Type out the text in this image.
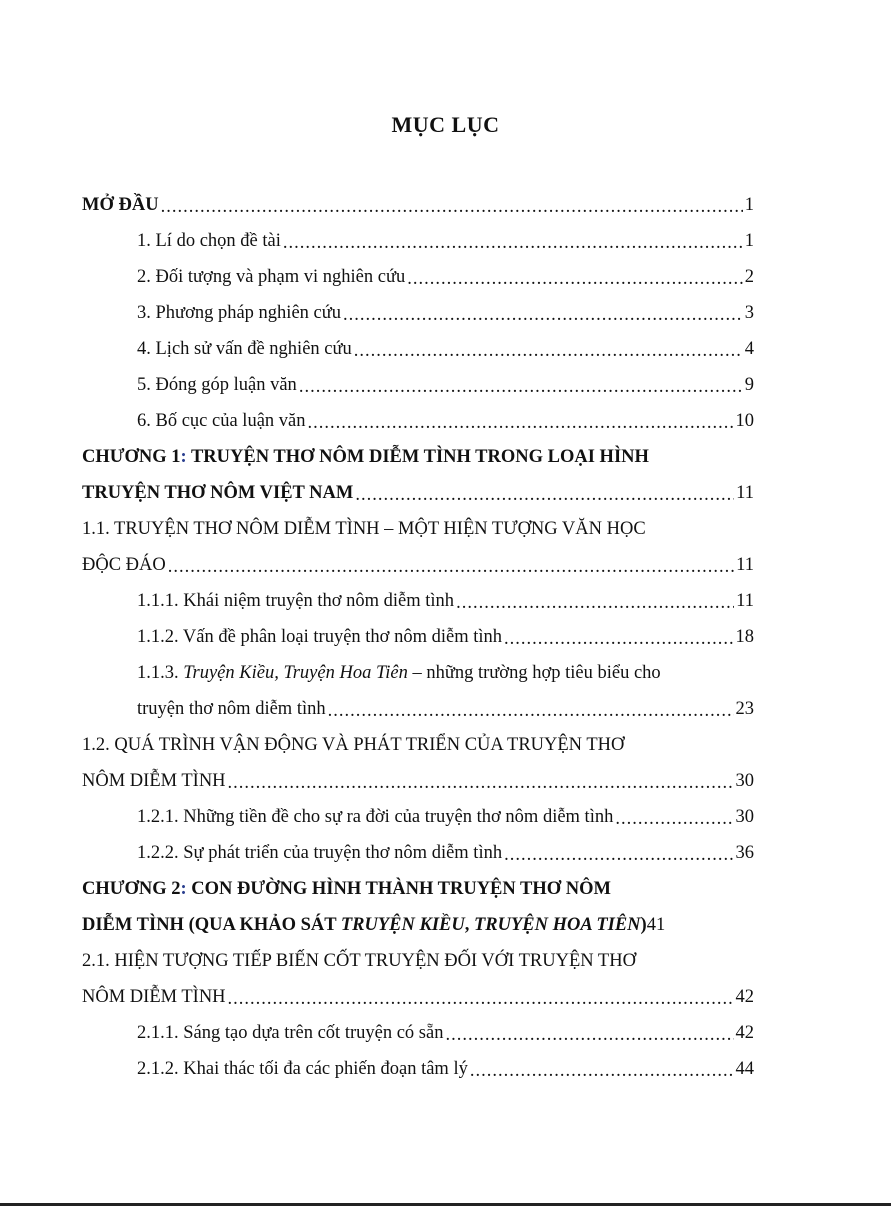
MỤC LỤC
MỞ ĐẦU .....	1
1. Lí do chọn đề tài .....	1
2. Đối tượng và phạm vi nghiên cứu .....	2
3. Phương pháp nghiên cứu .....	3
4. Lịch sử vấn đề nghiên cứu .....	4
5. Đóng góp luận văn .....	9
6. Bố cục của luận văn .....	10
CHƯƠNG 1: TRUYỆN THƠ NÔM DIỄM TÌNH TRONG LOẠI HÌNH
TRUYỆN THƠ NÔM VIỆT NAM .....	11
1.1. TRUYỆN THƠ NÔM DIỄM TÌNH – MỘT HIỆN TƯỢNG VĂN HỌC
ĐỘC ĐÁO .....	11
1.1.1. Khái niệm truyện thơ nôm diễm tình .....	11
1.1.2. Vấn đề phân loại truyện thơ nôm diễm tình .....	18
1.1.3. Truyện Kiều, Truyện Hoa Tiên – những trường hợp tiêu biểu cho
truyện thơ nôm diễm tình .....	23
1.2. QUÁ TRÌNH VẬN ĐỘNG VÀ PHÁT TRIỂN CỦA TRUYỆN THƠ
NÔM DIỄM TÌNH .....	30
1.2.1. Những tiền đề cho sự ra đời của truyện thơ nôm diễm tình .....	30
1.2.2. Sự phát triển của truyện thơ nôm diễm tình .....	36
CHƯƠNG 2: CON ĐƯỜNG HÌNH THÀNH TRUYỆN THƠ NÔM
DIỄM TÌNH (QUA KHẢO SÁT TRUYỆN KIỀU, TRUYỆN HOA TIÊN) 41
2.1. HIỆN TƯỢNG TIẾP BIẾN CỐT TRUYỆN ĐỐI VỚI TRUYỆN THƠ
NÔM DIỄM TÌNH .....	42
2.1.1. Sáng tạo dựa trên cốt truyện có sẵn .....	42
2.1.2. Khai thác tối đa các phiến đoạn tâm lý .....	44
